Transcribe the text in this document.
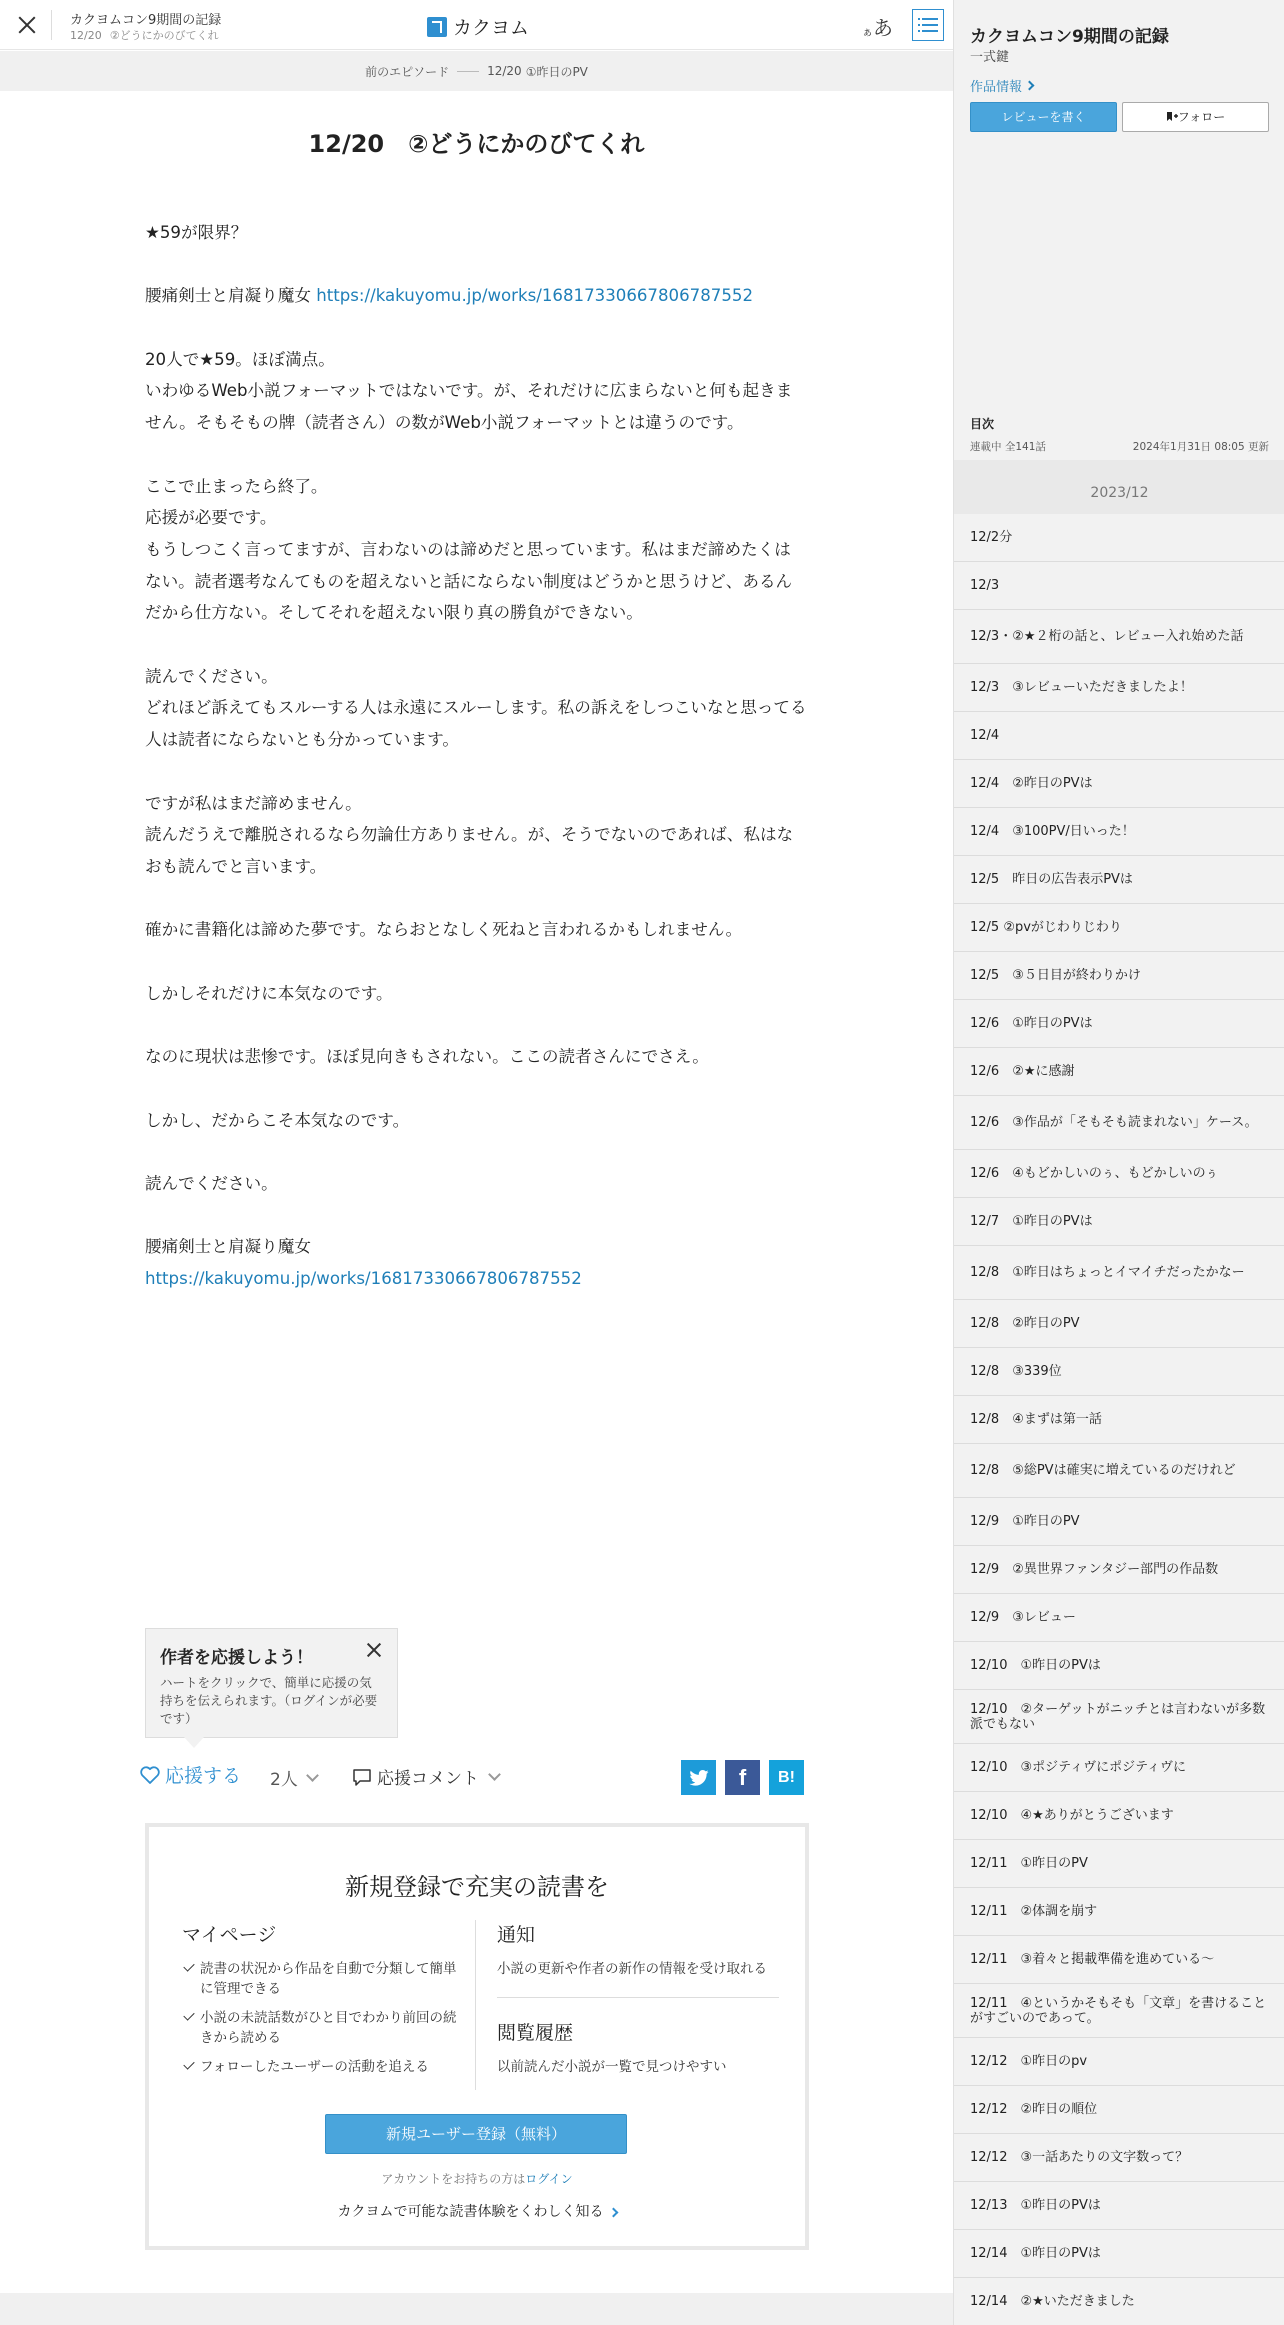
カクヨムコン9期間の記録
12/20 ②どうにかのびてくれ	カクヨム	ぁあ
前のエピソード	12/20 ①昨日のPV
12/20　②どうにかのびてくれ

★59が限界？

腰痛剣士と肩凝り魔女 https://kakuyomu.jp/works/16817330667806787552

20人で★59。ほぼ満点。

いわゆるWeb小説フォーマットではないです。が、それだけに広まらないと何も起きません。そもそもの牌（読者さん）の数がWeb小説フォーマットとは違うのです。

ここで止まったら終了。

応援が必要です。

もうしつこく言ってますが、言わないのは諦めだと思っています。私はまだ諦めたくはない。読者選考なんてものを超えないと話にならない制度はどうかと思うけど、あるんだから仕方ない。そしてそれを超えない限り真の勝負ができない。

読んでください。

どれほど訴えてもスルーする人は永遠にスルーします。私の訴えをしつこいなと思ってる人は読者にならないとも分かっています。

ですが私はまだ諦めません。

読んだうえで離脱されるなら勿論仕方ありません。が、そうでないのであれば、私はなおも読んでと言います。

確かに書籍化は諦めた夢です。ならおとなしく死ねと言われるかもしれません。

しかしそれだけに本気なのです。

なのに現状は悲惨です。ほぼ見向きもされない。ここの読者さんにでさえ。

しかし、だからこそ本気なのです。

読んでください。

腰痛剣士と肩凝り魔女

https://kakuyomu.jp/works/16817330667806787552

作者を応援しよう！
ハートをクリックで、簡単に応援の気持ちを伝えられます。（ログインが必要です）
応援する 2人	応援コメント	f	B!
新規登録で充実の読書を
マイページ
読書の状況から作品を自動で分類して簡単に管理できる
小説の未読話数がひと目でわかり前回の続きから読める
フォローしたユーザーの活動を追える
通知
小説の更新や作者の新作の情報を受け取れる
閲覧履歴
以前読んだ小説が一覧で見つけやすい
新規ユーザー登録（無料）
アカウントをお持ちの方はログイン
カクヨムで可能な読書体験をくわしく知る
カクヨムコン9期間の記録
一式鍵
作品情報
レビューを書く	フォロー
目次
連載中 全141話	2024年1月31日 08:05 更新
2023/12
12/2分
12/3
12/3・②★２桁の話と、レビュー入れ始めた話
12/3　③レビューいただきましたよ！
12/4
12/4　②昨日のPVは
12/4　③100PV/日いった！
12/5　昨日の広告表示PVは
12/5 ②pvがじわりじわり
12/5　③５日目が終わりかけ
12/6　①昨日のPVは
12/6　②★に感謝
12/6　③作品が「そもそも読まれない」ケース。
12/6　④もどかしいのぅ、もどかしいのぅ
12/7　①昨日のPVは
12/8　①昨日はちょっとイマイチだったかなー
12/8　②昨日のPV
12/8　③339位
12/8　④まずは第一話
12/8　⑤総PVは確実に増えているのだけれど
12/9　①昨日のPV
12/9　②異世界ファンタジー部門の作品数
12/9　③レビュー
12/10　①昨日のPVは
12/10　②ターゲットがニッチとは言わないが多数派でもない
12/10　③ポジティヴにポジティヴに
12/10　④★ありがとうございます
12/11　①昨日のPV
12/11　②体調を崩す
12/11　③着々と掲載準備を進めている～
12/11　④というかそもそも「文章」を書けることがすごいのであって。
12/12　①昨日のpv
12/12　②昨日の順位
12/12　③一話あたりの文字数って？
12/13　①昨日のPVは
12/14　①昨日のPVは
12/14　②★いただきました
